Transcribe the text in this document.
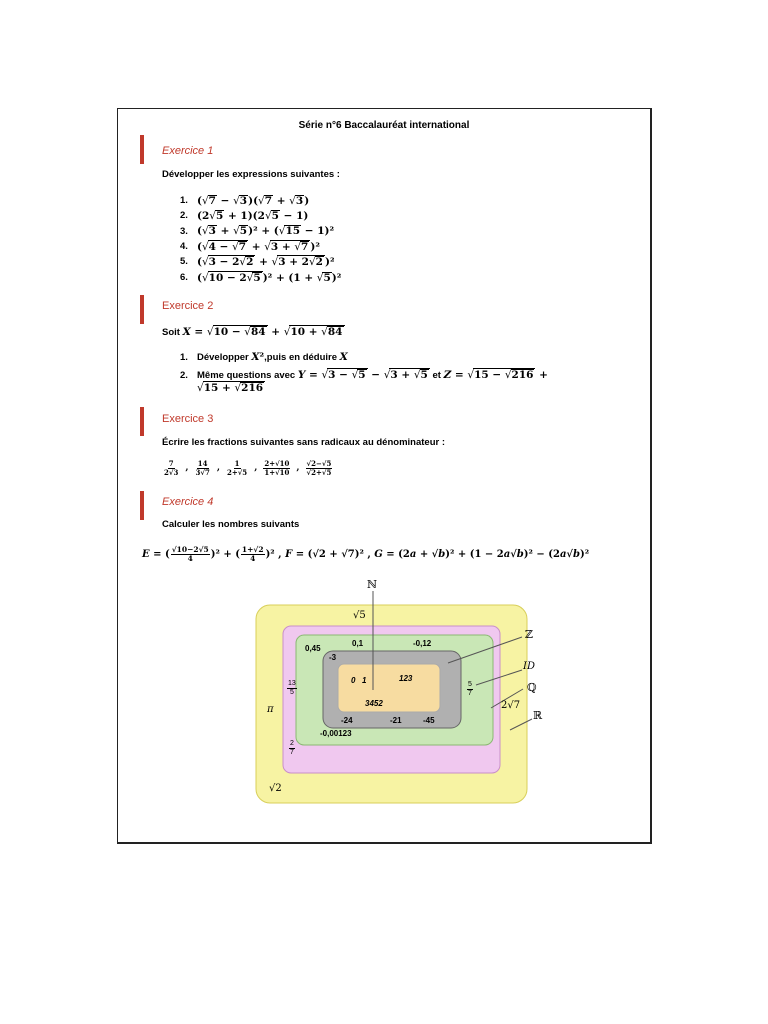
Série n°6 Baccalauréat international
Exercice 1
Développer les expressions suivantes :
1. ( √ 7 − √ 3)( √ 7 + √ 3)
2. (2 √ 5 + 1)(2 √ 5 − 1)
3. ( √ 3 + √ 5)² + ( √ 15 − 1)²
4. ( √ 4 − √ 7 + √ 3 + √ 7 )²
5. ( √ 3 − 2 √ 2 + √ 3 + 2 √ 2 )²
6. ( √ 10 − 2 √ 5 )² + (1 + √ 5)²
Exercice 2
Soit X = √ 10 − √ 84 + √ 10 + √ 84
1. Développer X²,puis en déduire X
2. Même questions avec Y = √ 3 − √ 5 − √ 3 + √ 5 et Z = √ 15 − √ 216 +
√ 15 + √ 216
Exercice 3
Écrire les fractions suivantes sans radicaux au dénominateur :
$\frac{7}{2√3}$ , $\frac{14}{3√7}$ , $\frac{1}{2+√5}$ , $\frac{2+√10}{1+√10}$ , $\frac{√2-√5}{√2+√5}$
Exercice 4
Calculer les nombres suivants
E = ( $\frac{√10-2√5}{4} )^2$ + ( $\frac{1+√2}{4} )^2$ , F = (√2 + √7)² , G = (2 a + √ b )² + (1 − 2 a √ b )² − (2 a √ b )²
ℕ
ℤ
ID
ℚ
ℝ
0 1	123
3452
-3
-24	-21	-45
0,45
0,1	-0,12
-0,00123
$\frac{13}{5}$	$\frac{5}{7}$
$\frac{2}{7}$
√5
π
√2
2√7
